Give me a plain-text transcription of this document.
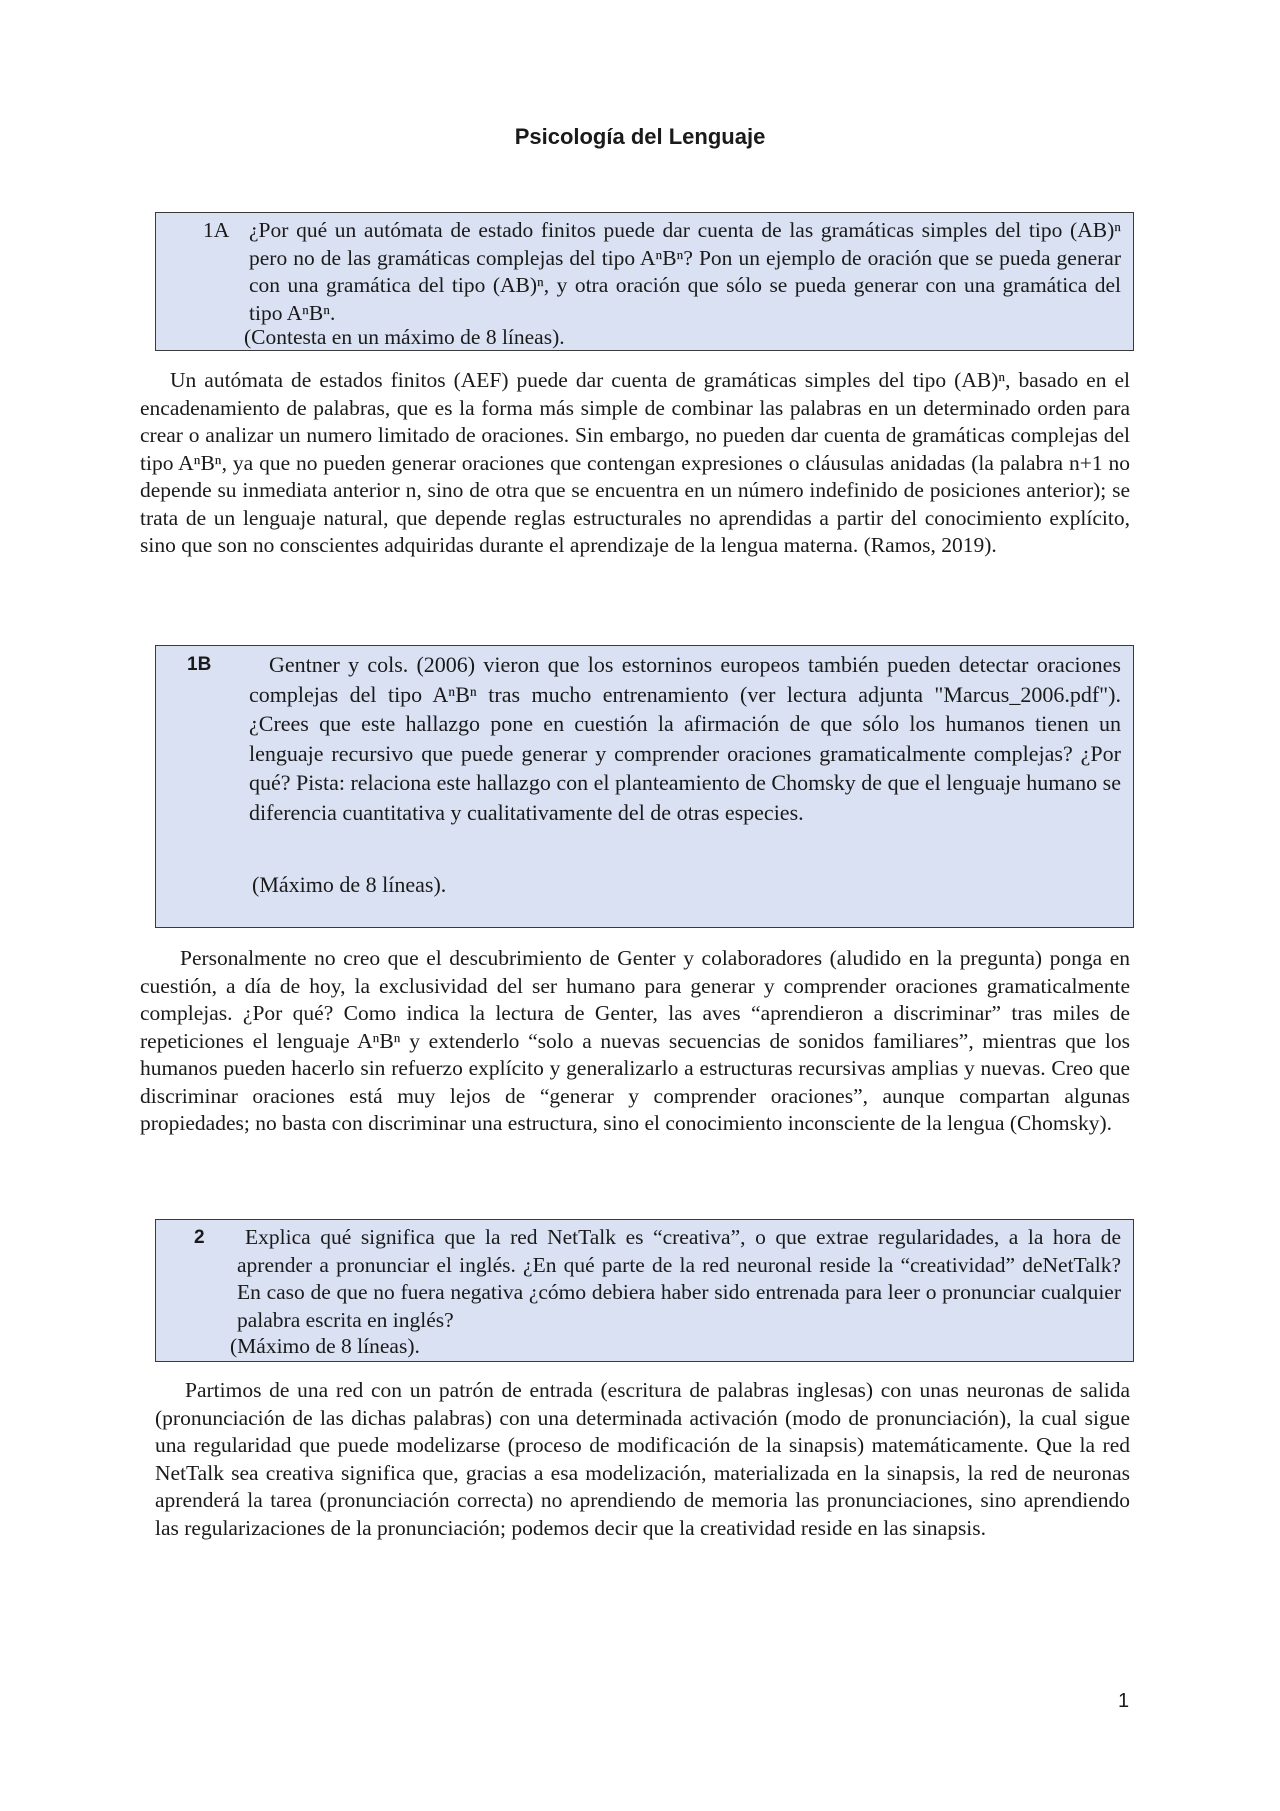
Psicología del Lenguaje
1A ¿Por qué un autómata de estado finitos puede dar cuenta de las gramáticas simples del tipo (AB)ⁿ pero no de las gramáticas complejas del tipo AⁿBⁿ? Pon un ejemplo de oración que se pueda generar con una gramática del tipo (AB)ⁿ, y otra oración que sólo se pueda generar con una gramática del tipo AⁿBⁿ.
(Contesta en un máximo de 8 líneas).
Un autómata de estados finitos (AEF) puede dar cuenta de gramáticas simples del tipo (AB)ⁿ, basado en el encadenamiento de palabras, que es la forma más simple de combinar las palabras en un determinado orden para crear o analizar un numero limitado de oraciones. Sin embargo, no pueden dar cuenta de gramáticas complejas del tipo AⁿBⁿ, ya que no pueden generar oraciones que contengan expresiones o cláusulas anidadas (la palabra n+1 no depende su inmediata anterior n, sino de otra que se encuentra en un número indefinido de posiciones anterior); se trata de un lenguaje natural, que depende reglas estructurales no aprendidas a partir del conocimiento explícito, sino que son no conscientes adquiridas durante el aprendizaje de la lengua materna. (Ramos, 2019).
1B	Gentner y cols. (2006) vieron que los estorninos europeos también pueden detectar oraciones complejas del tipo AⁿBⁿ tras mucho entrenamiento (ver lectura adjunta "Marcus_2006.pdf"). ¿Crees que este hallazgo pone en cuestión la afirmación de que sólo los humanos tienen un lenguaje recursivo que puede generar y comprender oraciones gramaticalmente complejas? ¿Por qué? Pista: relaciona este hallazgo con el planteamiento de Chomsky de que el lenguaje humano se diferencia cuantitativa y cualitativamente del de otras especies.
(Máximo de 8 líneas).
Personalmente no creo que el descubrimiento de Genter y colaboradores (aludido en la pregunta) ponga en cuestión, a día de hoy, la exclusividad del ser humano para generar y comprender oraciones gramaticalmente complejas. ¿Por qué? Como indica la lectura de Genter, las aves “aprendieron a discriminar” tras miles de repeticiones el lenguaje AⁿBⁿ y extenderlo “solo a nuevas secuencias de sonidos familiares”, mientras que los humanos pueden hacerlo sin refuerzo explícito y generalizarlo a estructuras recursivas amplias y nuevas. Creo que discriminar oraciones está muy lejos de “generar y comprender oraciones”, aunque compartan algunas propiedades; no basta con discriminar una estructura, sino el conocimiento inconsciente de la lengua (Chomsky).
2	Explica qué significa que la red NetTalk es “creativa”, o que extrae regularidades, a la hora de aprender a pronunciar el inglés. ¿En qué parte de la red neuronal reside la “creatividad” deNetTalk? En caso de que no fuera negativa ¿cómo debiera haber sido entrenada para leer o pronunciar cualquier palabra escrita en inglés?
(Máximo de 8 líneas).
Partimos de una red con un patrón de entrada (escritura de palabras inglesas) con unas neuronas de salida (pronunciación de las dichas palabras) con una determinada activación (modo de pronunciación), la cual sigue una regularidad que puede modelizarse (proceso de modificación de la sinapsis) matemáticamente. Que la red NetTalk sea creativa significa que, gracias a esa modelización, materializada en la sinapsis, la red de neuronas aprenderá la tarea (pronunciación correcta) no aprendiendo de memoria las pronunciaciones, sino aprendiendo las regularizaciones de la pronunciación; podemos decir que la creatividad reside en las sinapsis.
1
